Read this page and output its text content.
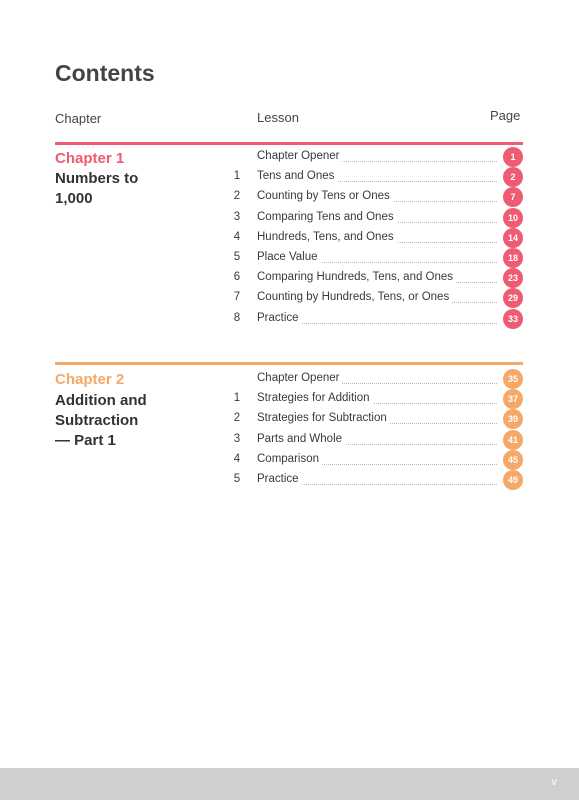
Contents
Chapter	Lesson	Page
Chapter 1
Numbers to
1,000
Chapter Opener	1
1	Tens and Ones	2
2	Counting by Tens or Ones	7
3	Comparing Tens and Ones	10
4	Hundreds, Tens, and Ones	14
5	Place Value	18
6	Comparing Hundreds, Tens, and Ones	23
7	Counting by Hundreds, Tens, or Ones	29
8	Practice	33
Chapter 2
Addition and
Subtraction
— Part 1
Chapter Opener	35
1	Strategies for Addition	37
2	Strategies for Subtraction	39
3	Parts and Whole	41
4	Comparison	45
5	Practice	49
v
